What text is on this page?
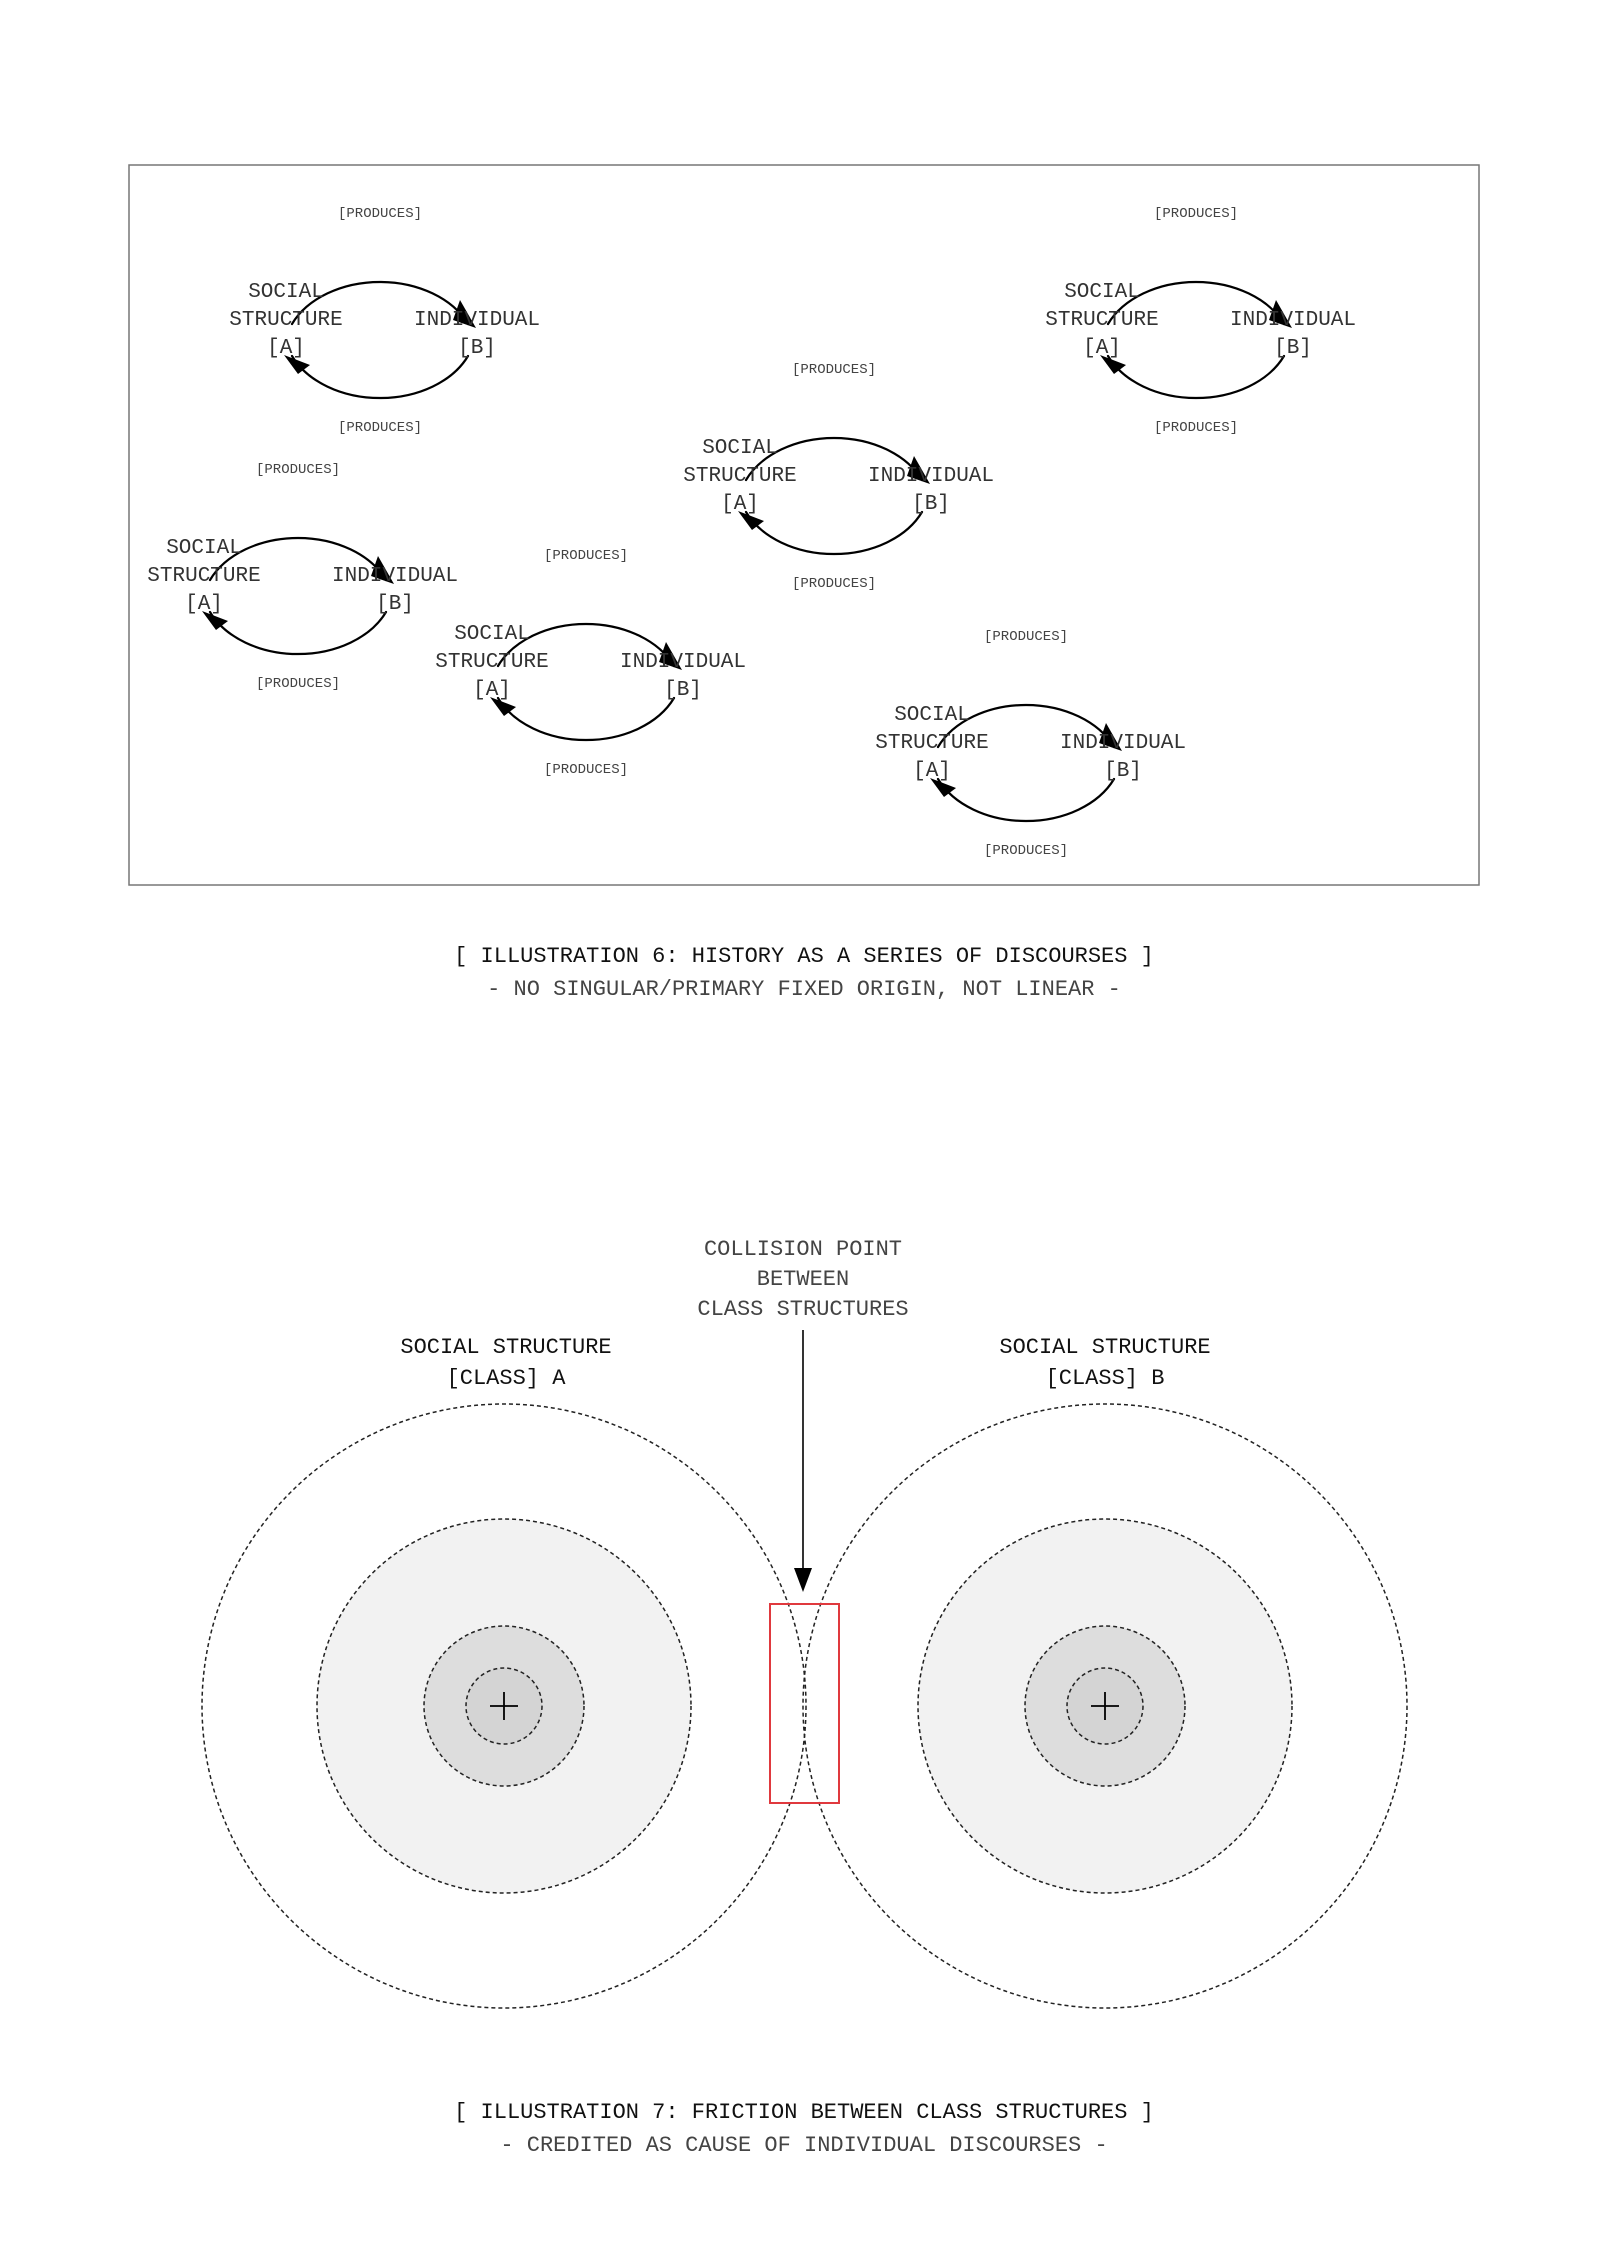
[PRODUCES]
[PRODUCES]
SOCIAL
STRUCTURE
[A]
INDIVIDUAL
[B]
[PRODUCES]
[PRODUCES]
SOCIAL
STRUCTURE
[A]
INDIVIDUAL
[B]
[PRODUCES]
[PRODUCES]
SOCIAL
STRUCTURE
[A]
INDIVIDUAL
[B]
[PRODUCES]
[PRODUCES]
SOCIAL
STRUCTURE
[A]
INDIVIDUAL
[B]
[PRODUCES]
[PRODUCES]
SOCIAL
STRUCTURE
[A]
INDIVIDUAL
[B]
[PRODUCES]
[PRODUCES]
SOCIAL
STRUCTURE
[A]
INDIVIDUAL
[B]
[ ILLUSTRATION 6: HISTORY AS A SERIES OF DISCOURSES ]
- NO SINGULAR/PRIMARY FIXED ORIGIN, NOT LINEAR -
COLLISION POINT
BETWEEN
CLASS STRUCTURES
SOCIAL STRUCTURE
[CLASS] A
SOCIAL STRUCTURE
[CLASS] B
[ ILLUSTRATION 7: FRICTION BETWEEN CLASS STRUCTURES ]
- CREDITED AS CAUSE OF INDIVIDUAL DISCOURSES -
